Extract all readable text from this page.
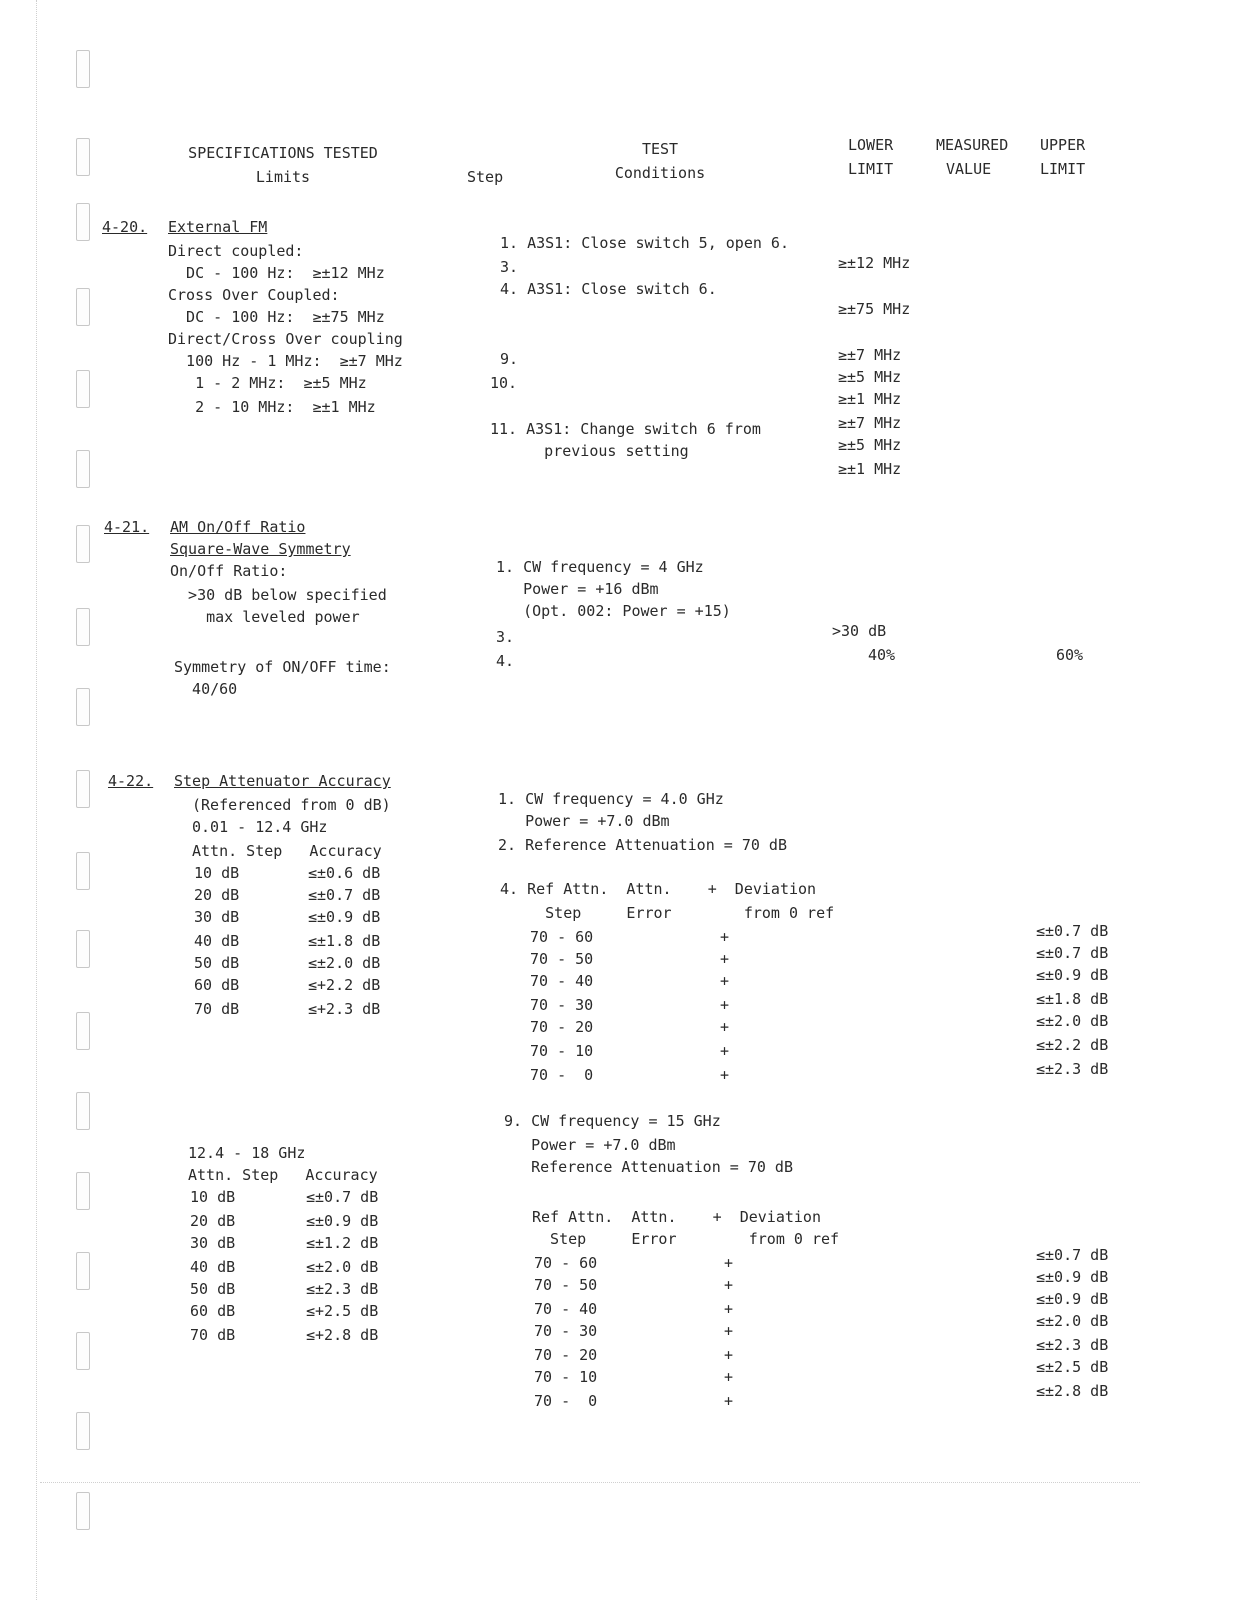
SPECIFICATIONS TESTED
Limits	Step
TEST
Conditions
LOWER
LIMIT
MEASURED
VALUE
UPPER
LIMIT
4-20. External FM
Direct coupled:
DC - 100 Hz:  ≥±12 MHz
Cross Over Coupled:
DC - 100 Hz:  ≥±75 MHz
Direct/Cross Over coupling
100 Hz - 1 MHz:  ≥±7 MHz
1 - 2 MHz:  ≥±5 MHz
2 - 10 MHz:  ≥±1 MHz
1. A3S1: Close switch 5, open 6.
3.
4. A3S1: Close switch 6.
9.
10.
11. A3S1: Change switch 6 from
previous setting
≥±12 MHz
≥±75 MHz
≥±7 MHz
≥±5 MHz
≥±1 MHz
≥±7 MHz
≥±5 MHz
≥±1 MHz
4-21. AM On/Off Ratio
Square-Wave Symmetry
On/Off Ratio:
>30 dB below specified
max leveled power
Symmetry of ON/OFF time:
40/60
1. CW frequency = 4 GHz
Power = +16 dBm
(Opt. 002: Power = +15)
3.
4.
>30 dB
40%	60%
4-22. Step Attenuator Accuracy
(Referenced from 0 dB)
0.01 - 12.4 GHz
Attn. Step   Accuracy
10 dB
20 dB
30 dB
40 dB
50 dB
60 dB
70 dB
≤±0.6 dB
≤±0.7 dB
≤±0.9 dB
≤±1.8 dB
≤±2.0 dB
≤+2.2 dB
≤+2.3 dB
1. CW frequency = 4.0 GHz
Power = +7.0 dBm
2. Reference Attenuation = 70 dB
4. Ref Attn.  Attn.    +  Deviation
Step     Error        from 0 ref
70 - 60
70 - 50
70 - 40
70 - 30
70 - 20
70 - 10
70 -  0
+
+
+
+
+
+
+
≤±0.7 dB
≤±0.7 dB
≤±0.9 dB
≤±1.8 dB
≤±2.0 dB
≤±2.2 dB
≤±2.3 dB
12.4 - 18 GHz
Attn. Step   Accuracy
10 dB
20 dB
30 dB
40 dB
50 dB
60 dB
70 dB
≤±0.7 dB
≤±0.9 dB
≤±1.2 dB
≤±2.0 dB
≤±2.3 dB
≤+2.5 dB
≤+2.8 dB
9. CW frequency = 15 GHz
Power = +7.0 dBm
Reference Attenuation = 70 dB
Ref Attn.  Attn.    +  Deviation
Step     Error        from 0 ref
70 - 60
70 - 50
70 - 40
70 - 30
70 - 20
70 - 10
70 -  0
+
+
+
+
+
+
+
≤±0.7 dB
≤±0.9 dB
≤±0.9 dB
≤±2.0 dB
≤±2.3 dB
≤±2.5 dB
≤±2.8 dB
